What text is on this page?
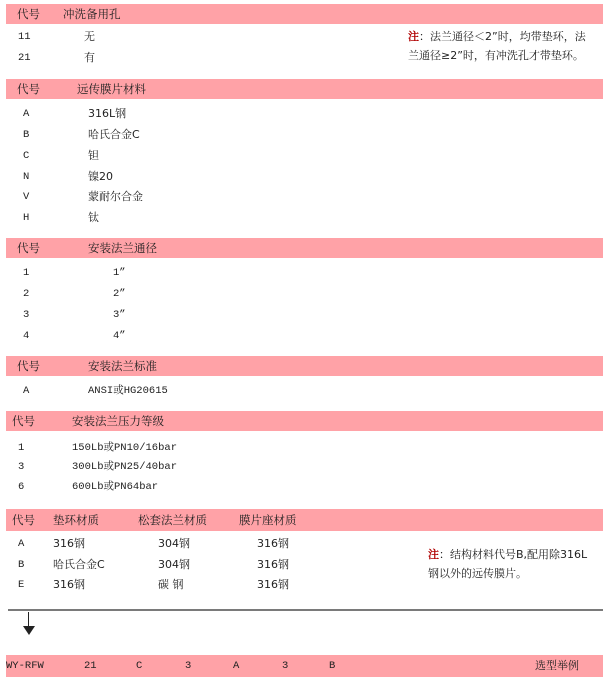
代号 冲洗备用孔
11	无
21	有
注：法兰通径＜2”时，均带垫环，法
兰通径≥2”时，有冲洗孔才带垫环。
代号	远传膜片材料
A	316L钢
B	哈氏合金C
C	钽
N	镍20
V	蒙耐尔合金
H	钛
代号	安装法兰通径
1	1”
2	2”
3	3”
4	4”
代号	安装法兰标准
A	ANSI或HG20615
代号	安装法兰压力等级
1	150Lb或PN10/16bar
3	300Lb或PN25/40bar
6	600Lb或PN64bar
代号 垫环材质	松套法兰材质	膜片座材质
A	316钢	304钢	316钢
B	哈氏合金C	304钢	316钢
E	316钢	碳 钢	316钢
注：结构材料代号B,配用除316L
钢以外的远传膜片。
WY-RFW	21	C	3	A	3	B	选型举例
